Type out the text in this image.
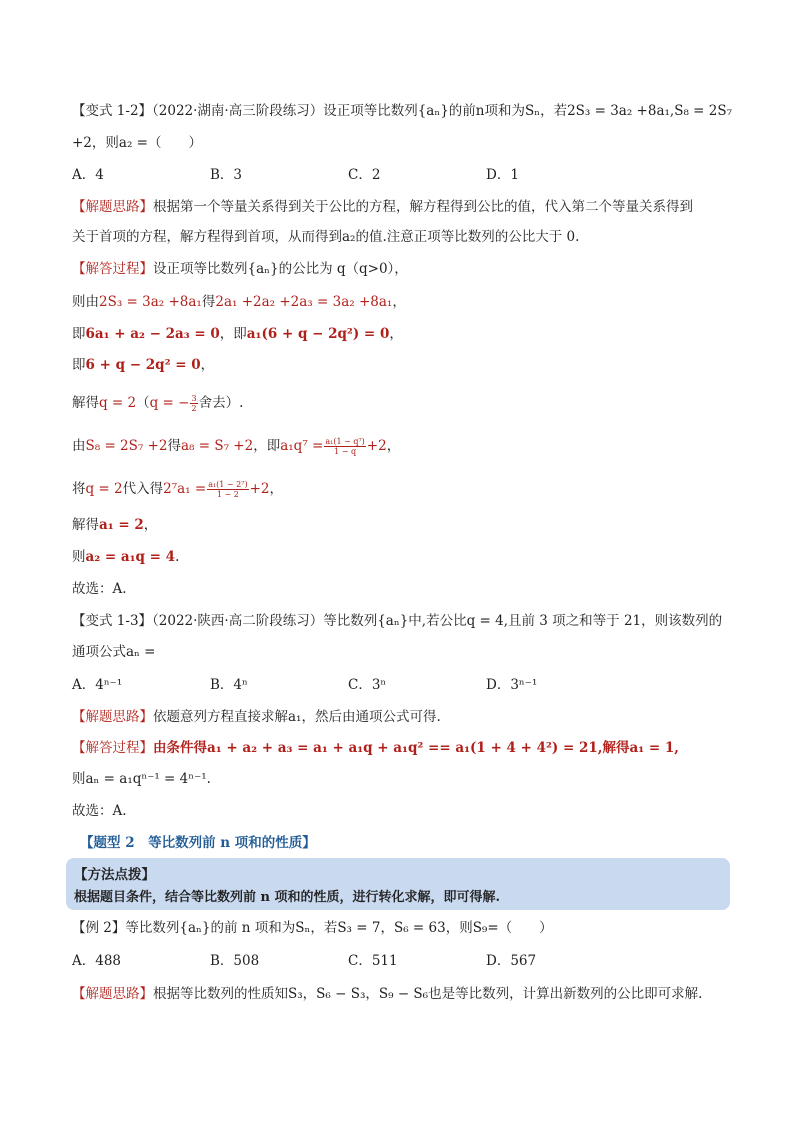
【变式 1-2】（2022·湖南·高三阶段练习）设正项等比数列{aₙ}的前n项和为Sₙ，若2S₃ = 3a₂ +8a₁,S₈ = 2S₇
+2，则a₂ =（　　）
A．4	B．3	C．2	D．1
【解题思路】根据第一个等量关系得到关于公比的方程，解方程得到公比的值，代入第二个等量关系得到
关于首项的方程，解方程得到首项，从而得到a₂的值.注意正项等比数列的公比大于 0.
【解答过程】设正项等比数列{aₙ}的公比为 q（q>0），
则由2S₃ = 3a₂ +8a₁得2a₁ +2a₂ +2a₃ = 3a₂ +8a₁，
即6a₁ + a₂ − 2a₃ = 0，即a₁(6 + q − 2q²) = 0，
即6 + q − 2q² = 0，
解得q = 2（q = − $\frac{3}{2}$ 舍去）.
由S₈ = 2S₇ +2得a₈ = S₇ +2，即$a_1q^7 = \frac{\text{a₁(1 − q⁷)}}{1 - q} +2$，
将q = 2代入得$2^7a_1 = \frac{\text{a₁(1 − 2⁷)}}{1 - 2} +2$，
解得a₁ = 2，
则a₂ = a₁q = 4.
故选：A.
【变式 1-3】（2022·陕西·高二阶段练习）等比数列{aₙ}中,若公比q = 4,且前 3 项之和等于 21，则该数列的
通项公式aₙ =
A．4ⁿ⁻¹	B．4ⁿ	C．3ⁿ	D．3ⁿ⁻¹
【解题思路】依题意列方程直接求解a₁，然后由通项公式可得.
【解答过程】由条件得a₁ + a₂ + a₃ = a₁ + a₁q + a₁q² == a₁(1 + 4 + 4²) = 21,解得a₁ = 1,
则aₙ = a₁qⁿ⁻¹ = 4ⁿ⁻¹.
故选：A.
【题型 2　等比数列前 n 项和的性质】
【方法点拨】
根据题目条件，结合等比数列前 n 项和的性质，进行转化求解，即可得解.
【例 2】等比数列{aₙ}的前 n 项和为Sₙ，若S₃ = 7，S₆ = 63，则S₉=（　　）
A．488	B．508	C．511	D．567
【解题思路】根据等比数列的性质知S₃，S₆ − S₃，S₉ − S₆也是等比数列，计算出新数列的公比即可求解.
